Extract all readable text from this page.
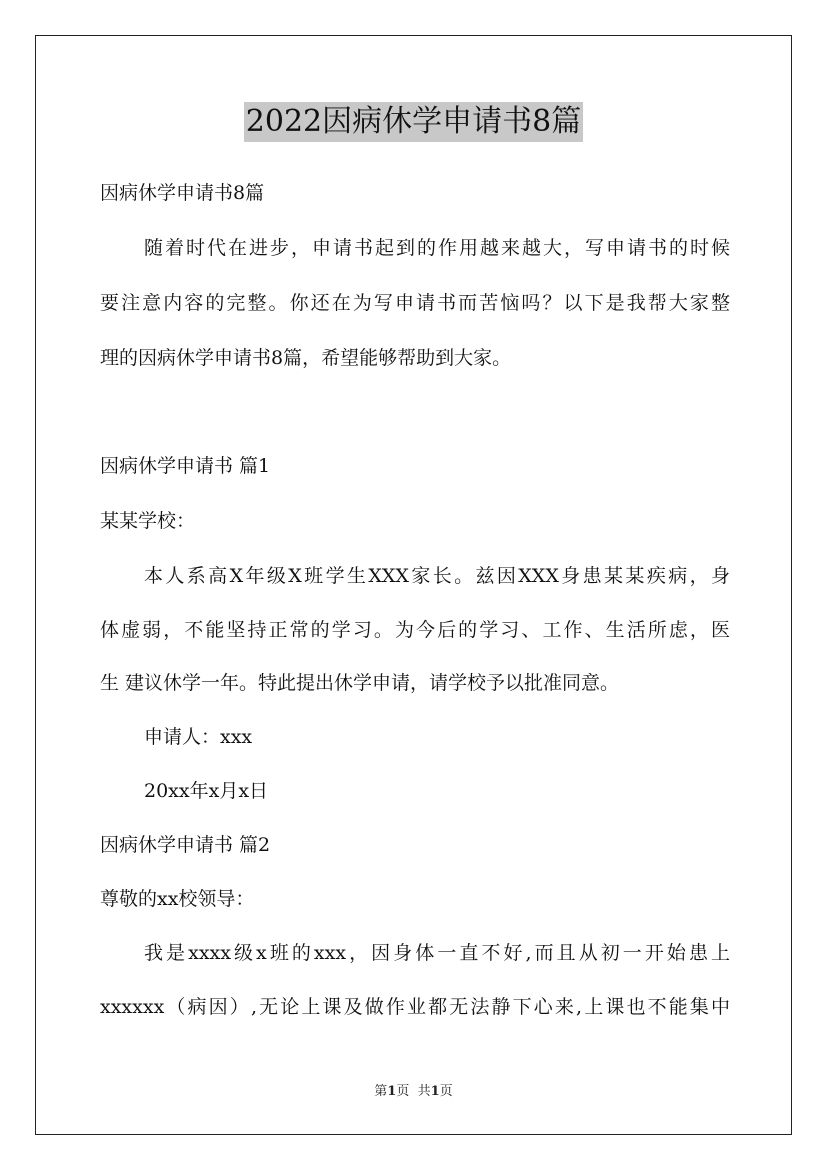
2022因病休学申请书8篇
因病休学申请书8篇
随着时代在进步，申请书起到的作用越来越大，写申请书的时候
要注意内容的完整。你还在为写申请书而苦恼吗？以下是我帮大家整
理的因病休学申请书8篇，希望能够帮助到大家。
因病休学申请书 篇1
某某学校：
本人系高X年级X班学生XXX家长。兹因XXX身患某某疾病，身
体虚弱，不能坚持正常的学习。为今后的学习、工作、生活所虑，医
生 建议休学一年。特此提出休学申请，请学校予以批准同意。
申请人：xxx
20xx年x月x日
因病休学申请书 篇2
尊敬的xx校领导：
我是xxxx级x班的xxx，因身体一直不好,而且从初一开始患上
xxxxxx（病因）,无论上课及做作业都无法静下心来,上课也不能集中
第1页 共1页
